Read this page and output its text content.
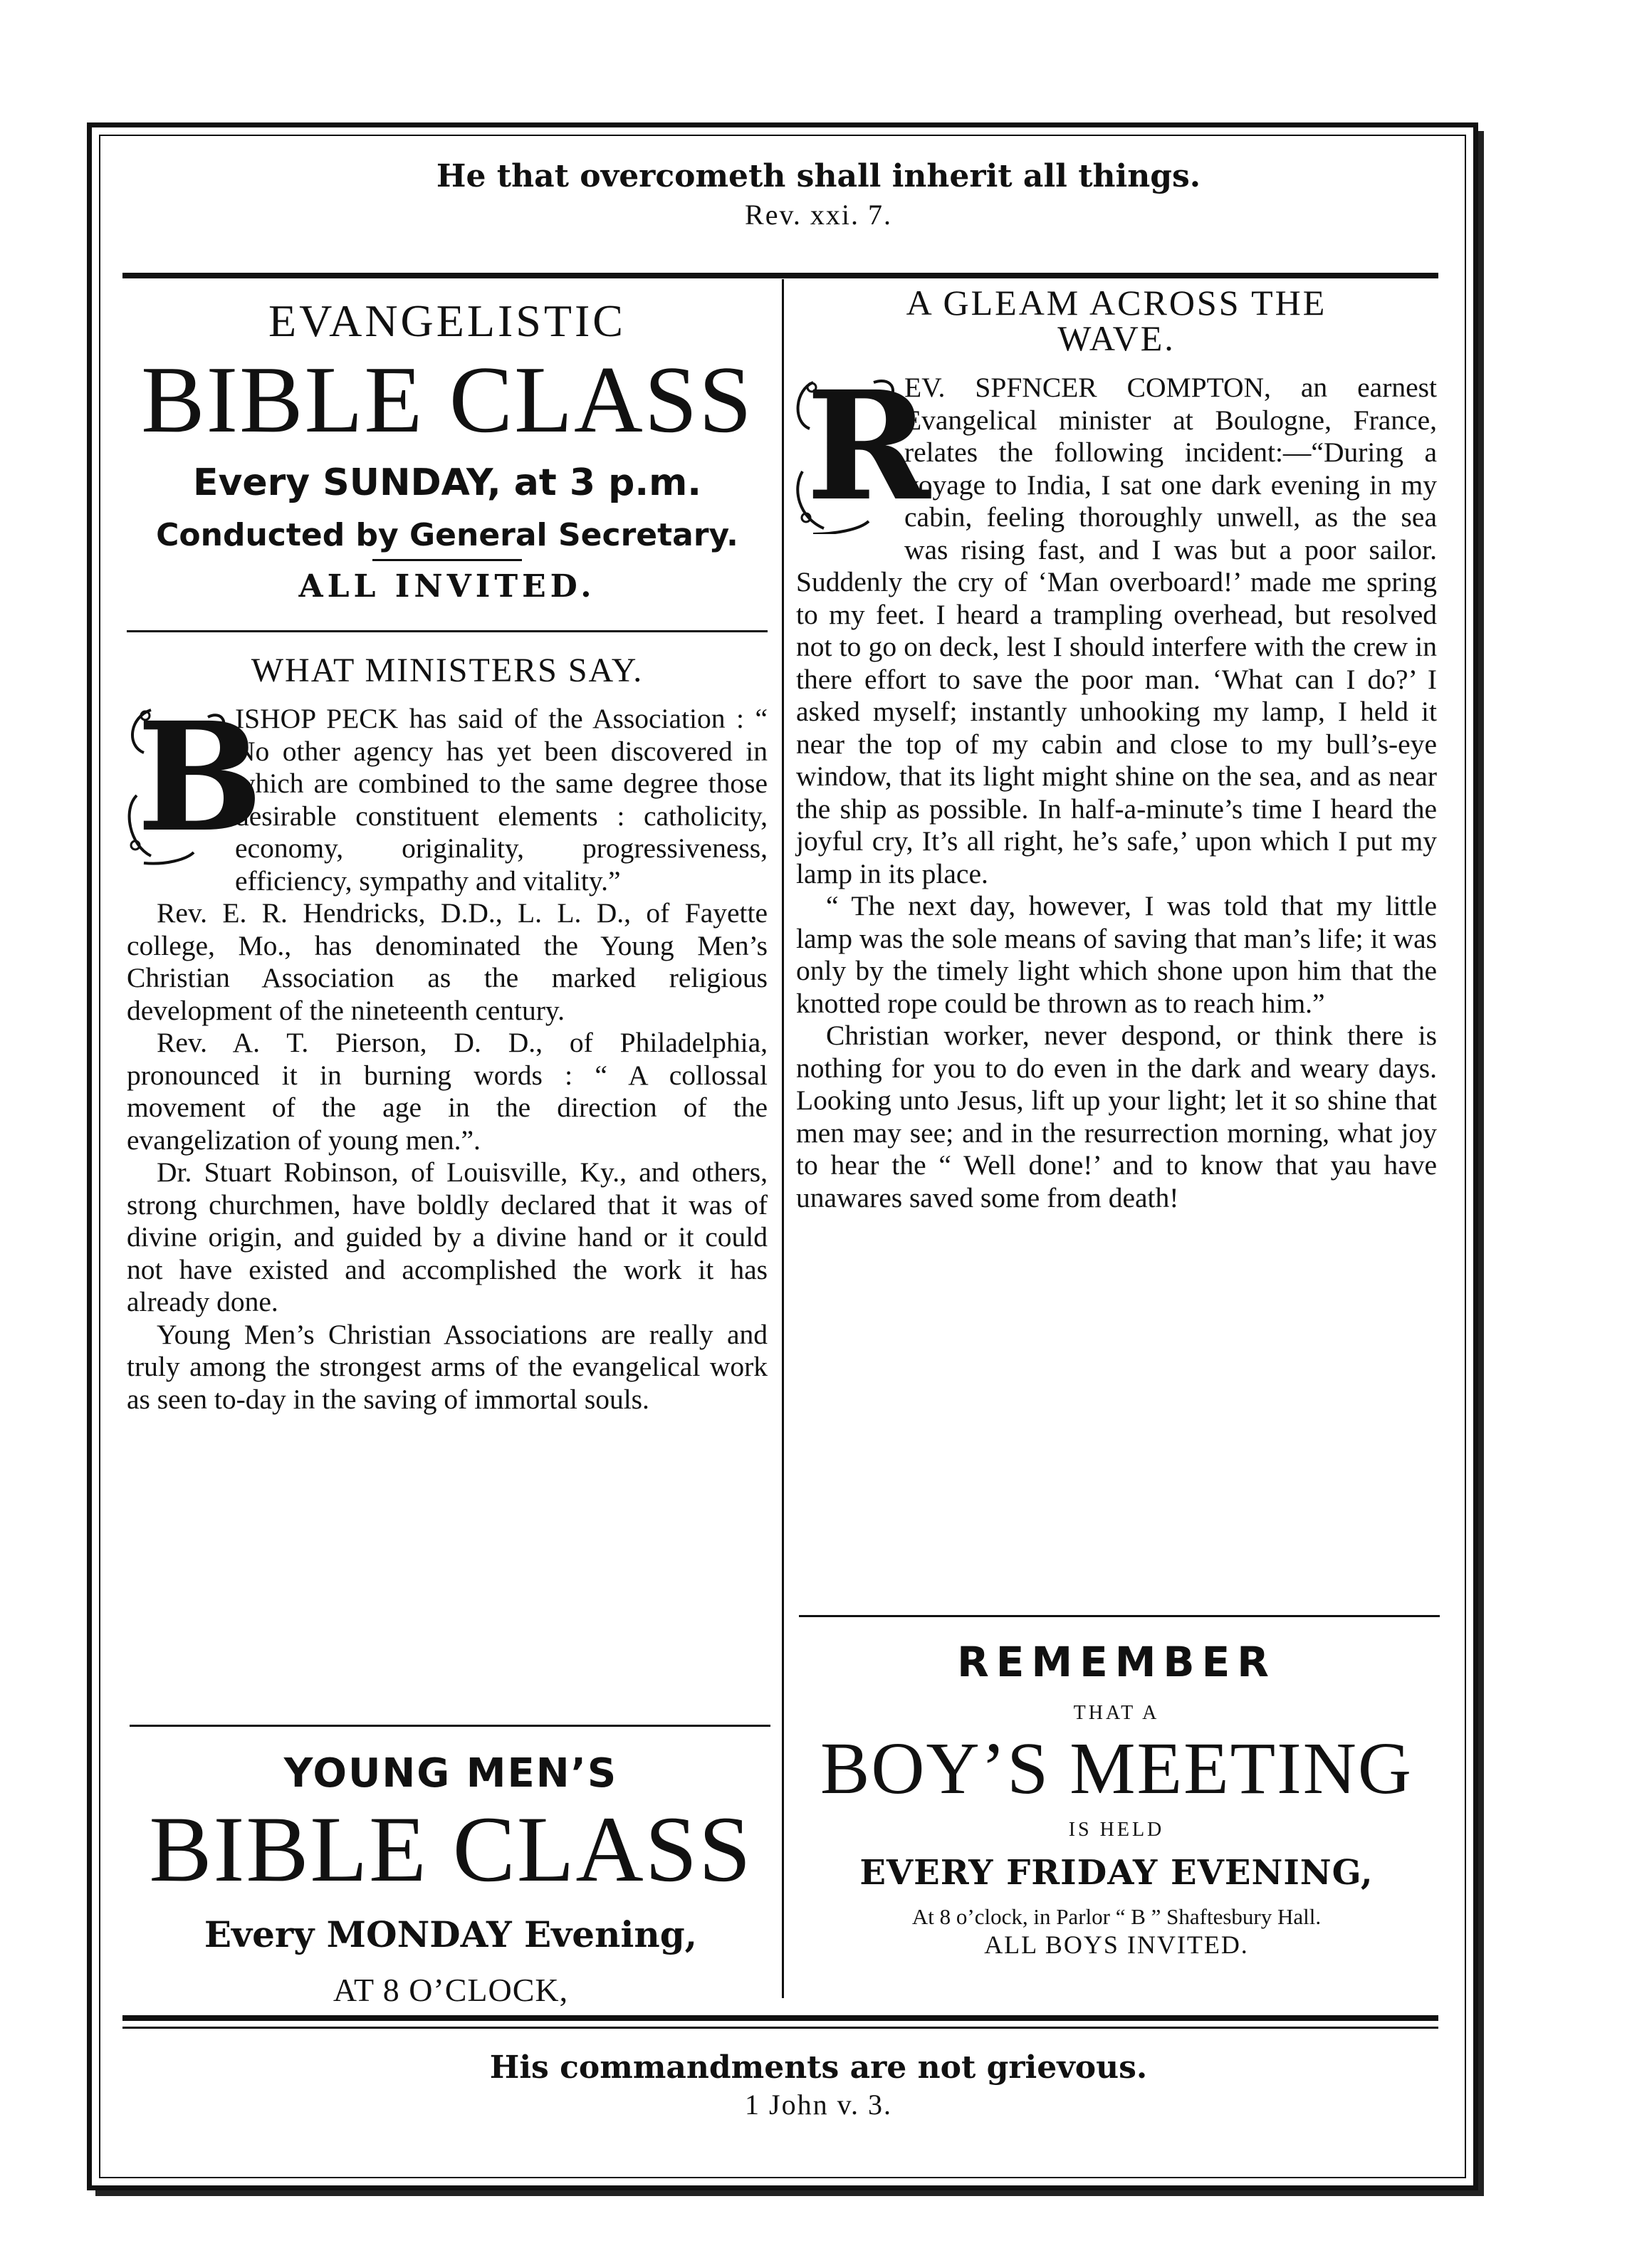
He that overcometh shall inherit all things.
Rev. xxi. 7.
EVANGELISTIC
BIBLE CLASS
Every SUNDAY, at 3 p.m.
Conducted by General Secretary.
ALL INVITED.
WHAT MINISTERS SAY.
B

ISHOP PECK has said of the Association : “ No other agency has yet been discovered in which are combined to the same degree those desirable constituent elements : catholicity, economy, originality, progressiveness, efficiency, sympathy and vitality.”

Rev. E. R. Hendricks, D.D., L. L. D., of Fayette college, Mo., has denominated the Young Men’s Christian Association as the marked religious development of the nineteenth century.

Rev. A. T. Pierson, D. D., of Philadelphia, pronounced it in burning words : “ A collossal movement of the age in the direction of the evangelization of young men.”.

Dr. Stuart Robinson, of Louisville, Ky., and others, strong churchmen, have boldly declared that it was of divine origin, and guided by a divine hand or it could not have existed and accomplished the work it has already done.

Young Men’s Christian Associations are really and truly among the strongest arms of the evangelical work as seen to-day in the saving of immortal souls.

YOUNG MEN’S
BIBLE CLASS
Every MONDAY Evening,
AT 8 O’CLOCK,
A GLEAM ACROSS THE
WAVE.
R

EV. SPFNCER COMPTON, an earnest Evangelical minister at Boulogne, France, relates the following incident:—“During a voyage to India, I sat one dark evening in my cabin, feeling thoroughly unwell, as the sea was rising fast, and I was but a poor sailor. Suddenly the cry of ‘Man overboard!’ made me spring to my feet. I heard a trampling overhead, but resolved not to go on deck, lest I should interfere with the crew in there effort to save the poor man. ‘What can I do?’ I asked myself; instantly unhooking my lamp, I held it near the top of my cabin and close to my bull’s-eye window, that its light might shine on the sea, and as near the ship as possible. In half-a-minute’s time I heard the joyful cry, It’s all right, he’s safe,’ upon which I put my lamp in its place.

“ The next day, however, I was told that my little lamp was the sole means of saving that man’s life; it was only by the timely light which shone upon him that the knotted rope could be thrown as to reach him.”

Christian worker, never despond, or think there is nothing for you to do even in the dark and weary days. Looking unto Jesus, lift up your light; let it so shine that men may see; and in the resurrection morning, what joy to hear the “ Well done!’ and to know that yau have unawares saved some from death!

REMEMBER
THAT A
BOY’S MEETING
IS HELD
EVERY FRIDAY EVENING,
At 8 o’clock, in Parlor “ B ” Shaftesbury Hall.
ALL BOYS INVITED.
His commandments are not grievous.
1 John v. 3.
